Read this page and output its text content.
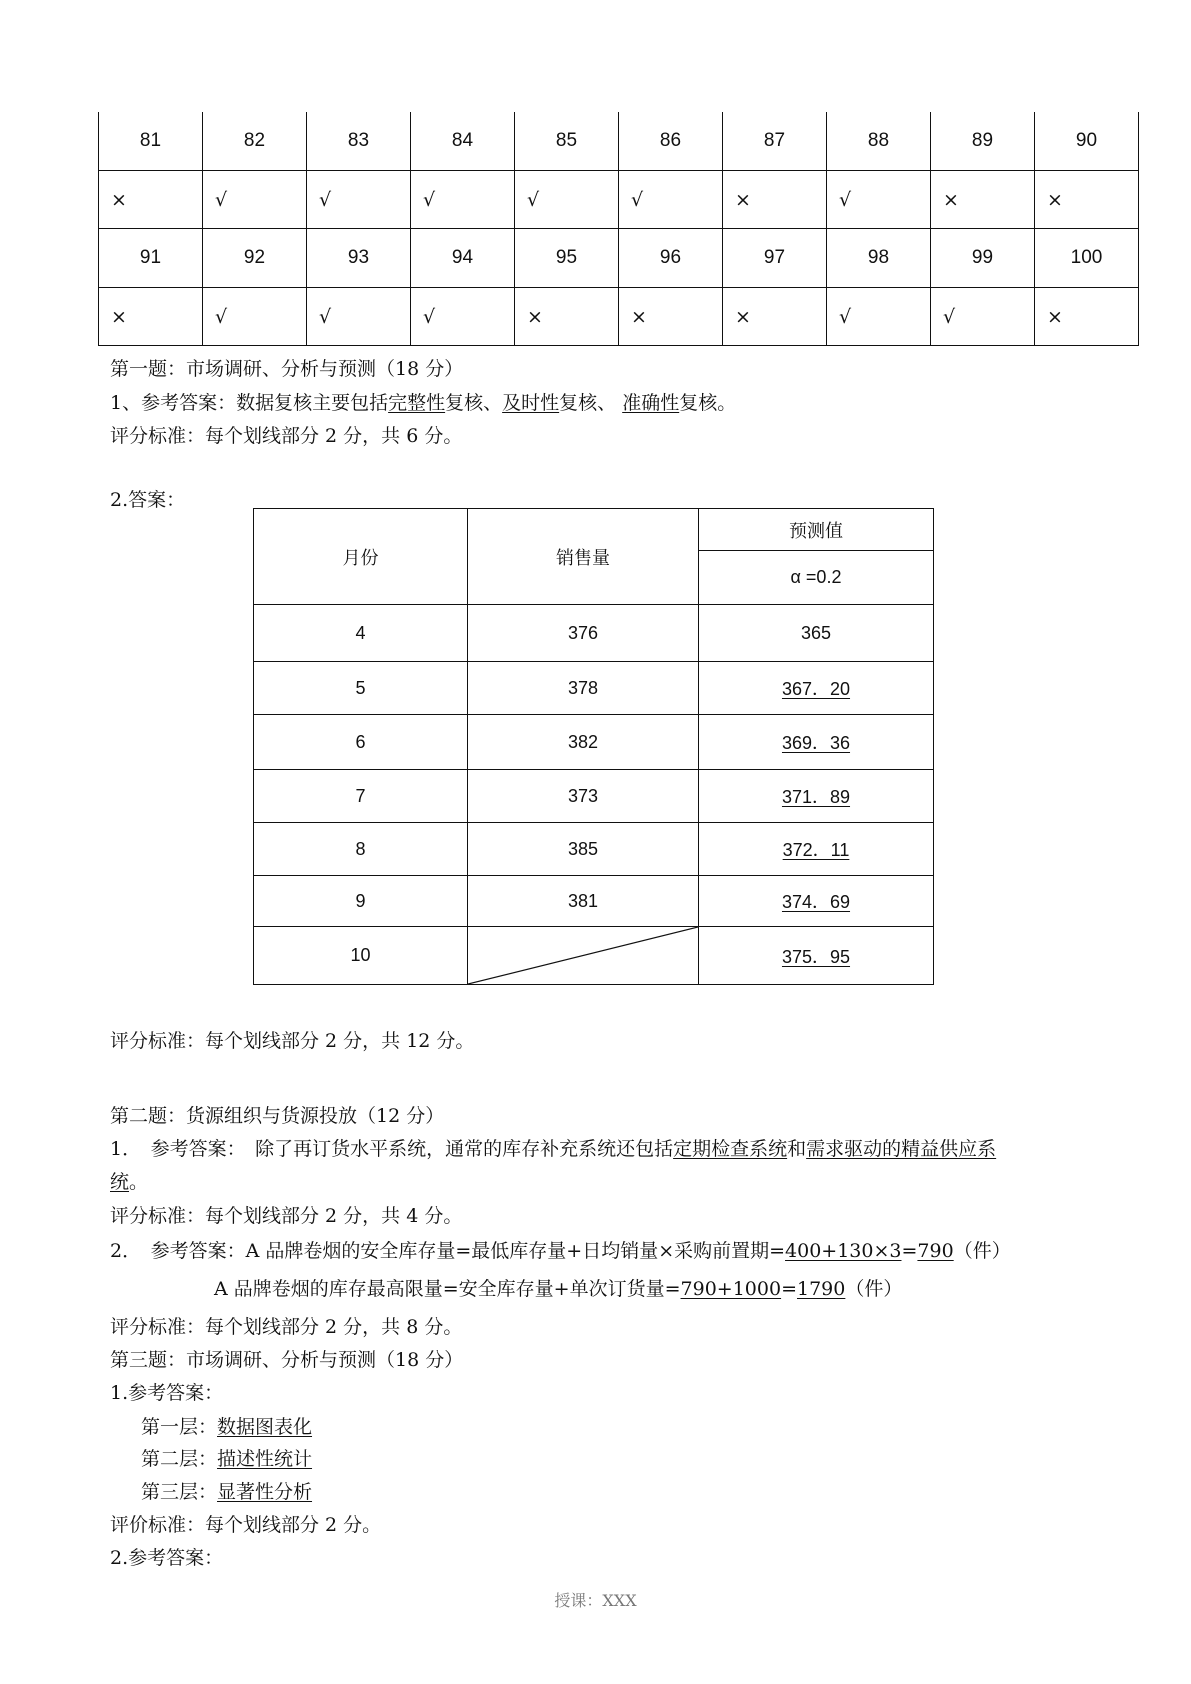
81	82	83	84	85	86	87	88	89	90
×	√	√	√	√	√	×	√	×	×
91	92	93	94	95	96	97	98	99	100
×	√	√	√	×	×	×	√	√	×
第一题：市场调研、分析与预测（18 分）
1、参考答案：数据复核主要包括完整性复核、及时性复核、 准确性复核。
评分标准：每个划线部分 2 分，共 6 分。
2.答案：
月份	销售量	预测值
		α =0.2
4	376	365
5	378	367．20
6	382	369．36
7	373	371．89
8	385	372．11
9	381	374．69
10		375．95
评分标准：每个划线部分 2 分，共 12 分。
第二题：货源组织与货源投放（12 分）
1．　参考答案：　除了再订货水平系统，通常的库存补充系统还包括定期检查系统和需求驱动的精益供应系
统。
评分标准：每个划线部分 2 分，共 4 分。
2．　参考答案：A 品牌卷烟的安全库存量=最低库存量+日均销量×采购前置期=400+130×3=790（件）
A 品牌卷烟的库存最高限量=安全库存量+单次订货量=790+1000=1790（件）
评分标准：每个划线部分 2 分，共 8 分。
第三题：市场调研、分析与预测（18 分）
1.参考答案：
第一层：数据图表化
第二层：描述性统计
第三层：显著性分析
评价标准：每个划线部分 2 分。
2.参考答案：
授课：XXX
